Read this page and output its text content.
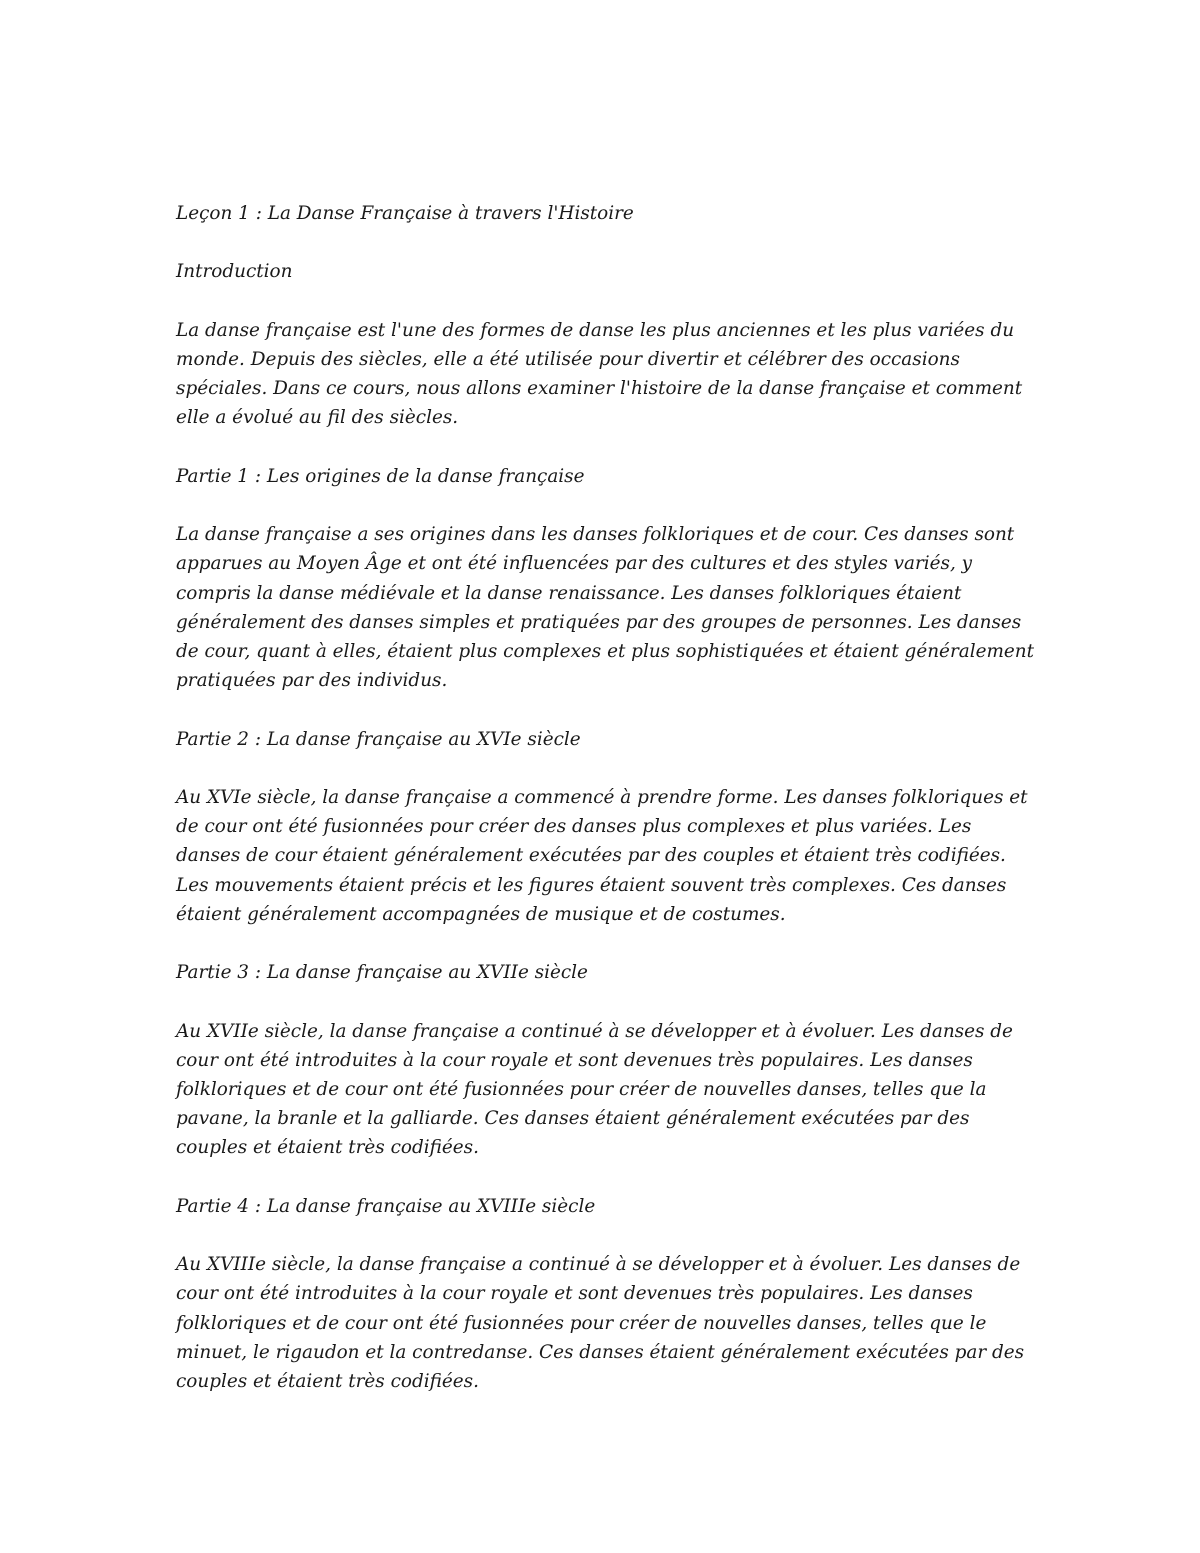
Leçon 1 : La Danse Française à travers l'Histoire
Introduction

La danse française est l'une des formes de danse les plus anciennes et les plus variées du monde. Depuis des siècles, elle a été utilisée pour divertir et célébrer des occasions spéciales. Dans ce cours, nous allons examiner l'histoire de la danse française et comment elle a évolué au fil des siècles.

Partie 1 : Les origines de la danse française

La danse française a ses origines dans les danses folkloriques et de cour. Ces danses sont apparues au Moyen Âge et ont été influencées par des cultures et des styles variés, y compris la danse médiévale et la danse renaissance. Les danses folkloriques étaient généralement des danses simples et pratiquées par des groupes de personnes. Les danses de cour, quant à elles, étaient plus complexes et plus sophistiquées et étaient généralement pratiquées par des individus.

Partie 2 : La danse française au XVIe siècle

Au XVIe siècle, la danse française a commencé à prendre forme. Les danses folkloriques et de cour ont été fusionnées pour créer des danses plus complexes et plus variées. Les danses de cour étaient généralement exécutées par des couples et étaient très codifiées. Les mouvements étaient précis et les figures étaient souvent très complexes. Ces danses étaient généralement accompagnées de musique et de costumes.

Partie 3 : La danse française au XVIIe siècle

Au XVIIe siècle, la danse française a continué à se développer et à évoluer. Les danses de cour ont été introduites à la cour royale et sont devenues très populaires. Les danses folkloriques et de cour ont été fusionnées pour créer de nouvelles danses, telles que la pavane, la branle et la galliarde. Ces danses étaient généralement exécutées par des couples et étaient très codifiées.

Partie 4 : La danse française au XVIIIe siècle

Au XVIIIe siècle, la danse française a continué à se développer et à évoluer. Les danses de cour ont été introduites à la cour royale et sont devenues très populaires. Les danses folkloriques et de cour ont été fusionnées pour créer de nouvelles danses, telles que le minuet, le rigaudon et la contredanse. Ces danses étaient généralement exécutées par des couples et étaient très codifiées.
